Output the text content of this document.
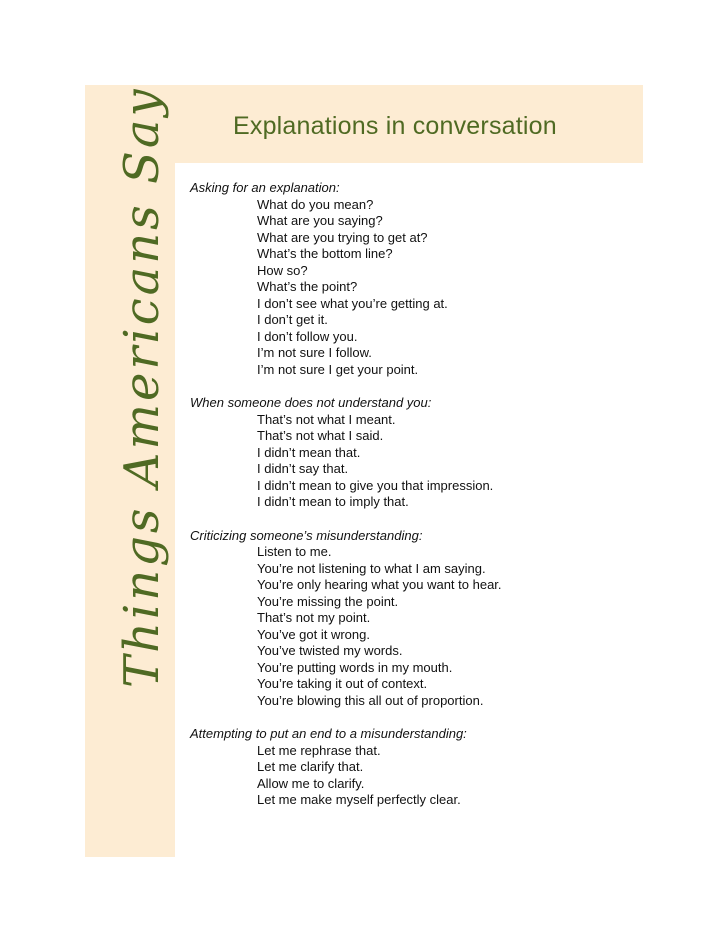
Explanations in conversation
Things Americans Say Asking for an explanation:
What do you mean?
What are you saying?
What are you trying to get at?
What’s the bottom line?
How so?
What’s the point?
I don’t see what you’re getting at.
I don’t get it.
I don’t follow you.
I’m not sure I follow.
I’m not sure I get your point.
When someone does not understand you:
That’s not what I meant.
That’s not what I said.
I didn’t mean that.
I didn’t say that.
I didn’t mean to give you that impression.
I didn’t mean to imply that.
Criticizing someone’s misunderstanding:
Listen to me.
You’re not listening to what I am saying.
You’re only hearing what you want to hear.
You’re missing the point.
That’s not my point.
You’ve got it wrong.
You’ve twisted my words.
You’re putting words in my mouth.
You’re taking it out of context.
You’re blowing this all out of proportion.
Attempting to put an end to a misunderstanding:
Let me rephrase that.
Let me clarify that.
Allow me to clarify.
Let me make myself perfectly clear.
